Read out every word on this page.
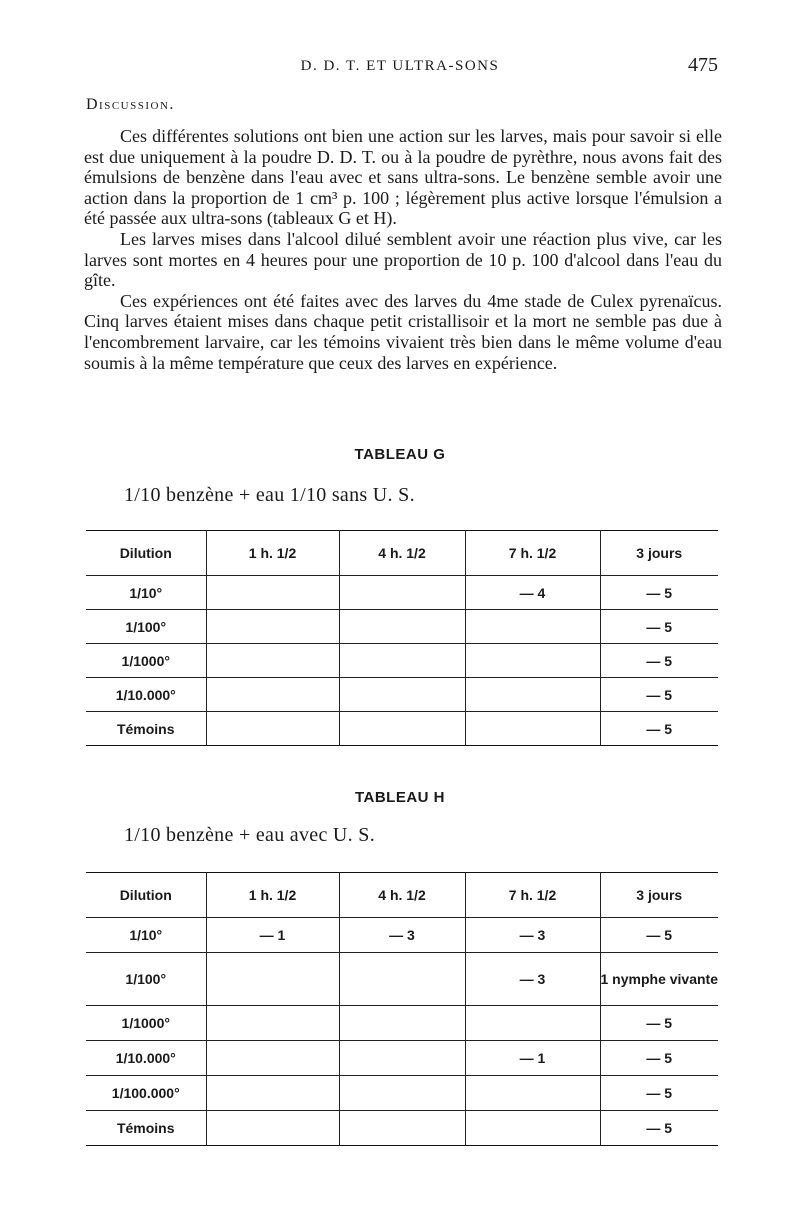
D. D. T. ET ULTRA-SONS	475
Discussion.

Ces différentes solutions ont bien une action sur les larves, mais pour savoir si elle est due uniquement à la poudre D. D. T. ou à la poudre de pyrèthre, nous avons fait des émulsions de benzène dans l'eau avec et sans ultra-sons. Le benzène semble avoir une action dans la proportion de 1 cm³ p. 100 ; légèrement plus active lorsque l'émulsion a été passée aux ultra-sons (tableaux G et H).

Les larves mises dans l'alcool dilué semblent avoir une réaction plus vive, car les larves sont mortes en 4 heures pour une proportion de 10 p. 100 d'alcool dans l'eau du gîte.

Ces expériences ont été faites avec des larves du 4me stade de Culex pyrenaïcus. Cinq larves étaient mises dans chaque petit cristallisoir et la mort ne semble pas due à l'encombrement larvaire, car les témoins vivaient très bien dans le même volume d'eau soumis à la même température que ceux des larves en expérience.

TABLEAU G
1/10 benzène + eau 1/10 sans U. S.
Dilution	1 h. 1/2	4 h. 1/2	7 h. 1/2	3 jours
1/10°			— 4	— 5
1/100°				— 5
1/1000°				— 5
1/10.000°				— 5
Témoins				— 5
TABLEAU H
1/10 benzène + eau avec U. S.
Dilution	1 h. 1/2	4 h. 1/2	7 h. 1/2	3 jours
1/10°	— 1	— 3	— 3	— 5
1/100°			— 3	1 nymphe vivante
1/1000°				— 5
1/10.000°			— 1	— 5
1/100.000°				— 5
Témoins				— 5
